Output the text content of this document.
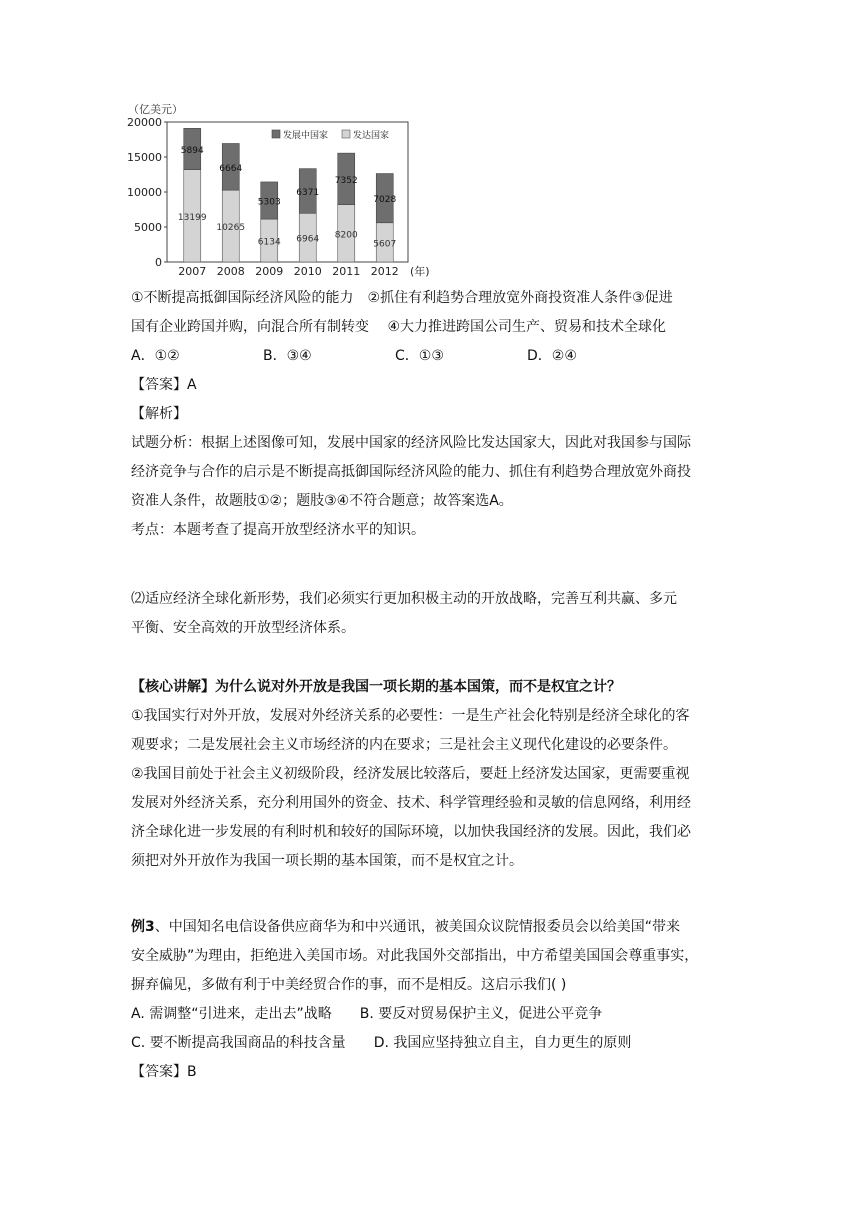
（亿美元）
20000
15000
10000
5000
0
13199
5894
2007
10265
6664
2008
6134
5303
2009
6964
6371
2010
8200
7352
2011
5607
7028
2012 (年)
发展中国家	发达国家

①不断提高抵御国际经济风险的能力　②抓住有利趋势合理放宽外商投资准人条件③促进

国有企业跨国并购，向混合所有制转变　 ④大力推进跨国公司生产、贸易和技术全球化

A．①②	B．③④	C．①③	D．②④

【答案】A

【解析】

试题分析：根据上述图像可知，发展中国家的经济风险比发达国家大，因此对我国参与国际

经济竞争与合作的启示是不断提高抵御国际经济风险的能力、抓住有利趋势合理放宽外商投

资准人条件，故题肢①②；题肢③④不符合题意；故答案选A。

考点：本题考查了提高开放型经济水平的知识。

⑵适应经济全球化新形势，我们必须实行更加积极主动的开放战略，完善互利共赢、多元

平衡、安全高效的开放型经济体系。

【核心讲解】为什么说对外开放是我国一项长期的基本国策，而不是权宜之计？

①我国实行对外开放，发展对外经济关系的必要性：一是生产社会化特别是经济全球化的客

观要求；二是发展社会主义市场经济的内在要求；三是社会主义现代化建设的必要条件。

②我国目前处于社会主义初级阶段，经济发展比较落后，要赶上经济发达国家，更需要重视

发展对外经济关系，充分利用国外的资金、技术、科学管理经验和灵敏的信息网络，利用经

济全球化进一步发展的有利时机和较好的国际环境，以加快我国经济的发展。因此，我们必

须把对外开放作为我国一项长期的基本国策，而不是权宜之计。

例3、中国知名电信设备供应商华为和中兴通讯，被美国众议院情报委员会以给美国“带来

安全威胁”为理由，拒绝进入美国市场。对此我国外交部指出，中方希望美国国会尊重事实，

摒弃偏见，多做有利于中美经贸合作的事，而不是相反。这启示我们( )

A. 需调整“引进来，走出去”战略　　 B. 要反对贸易保护主义，促进公平竞争

C. 要不断提高我国商品的科技含量　　 D. 我国应坚持独立自主，自力更生的原则

【答案】B
